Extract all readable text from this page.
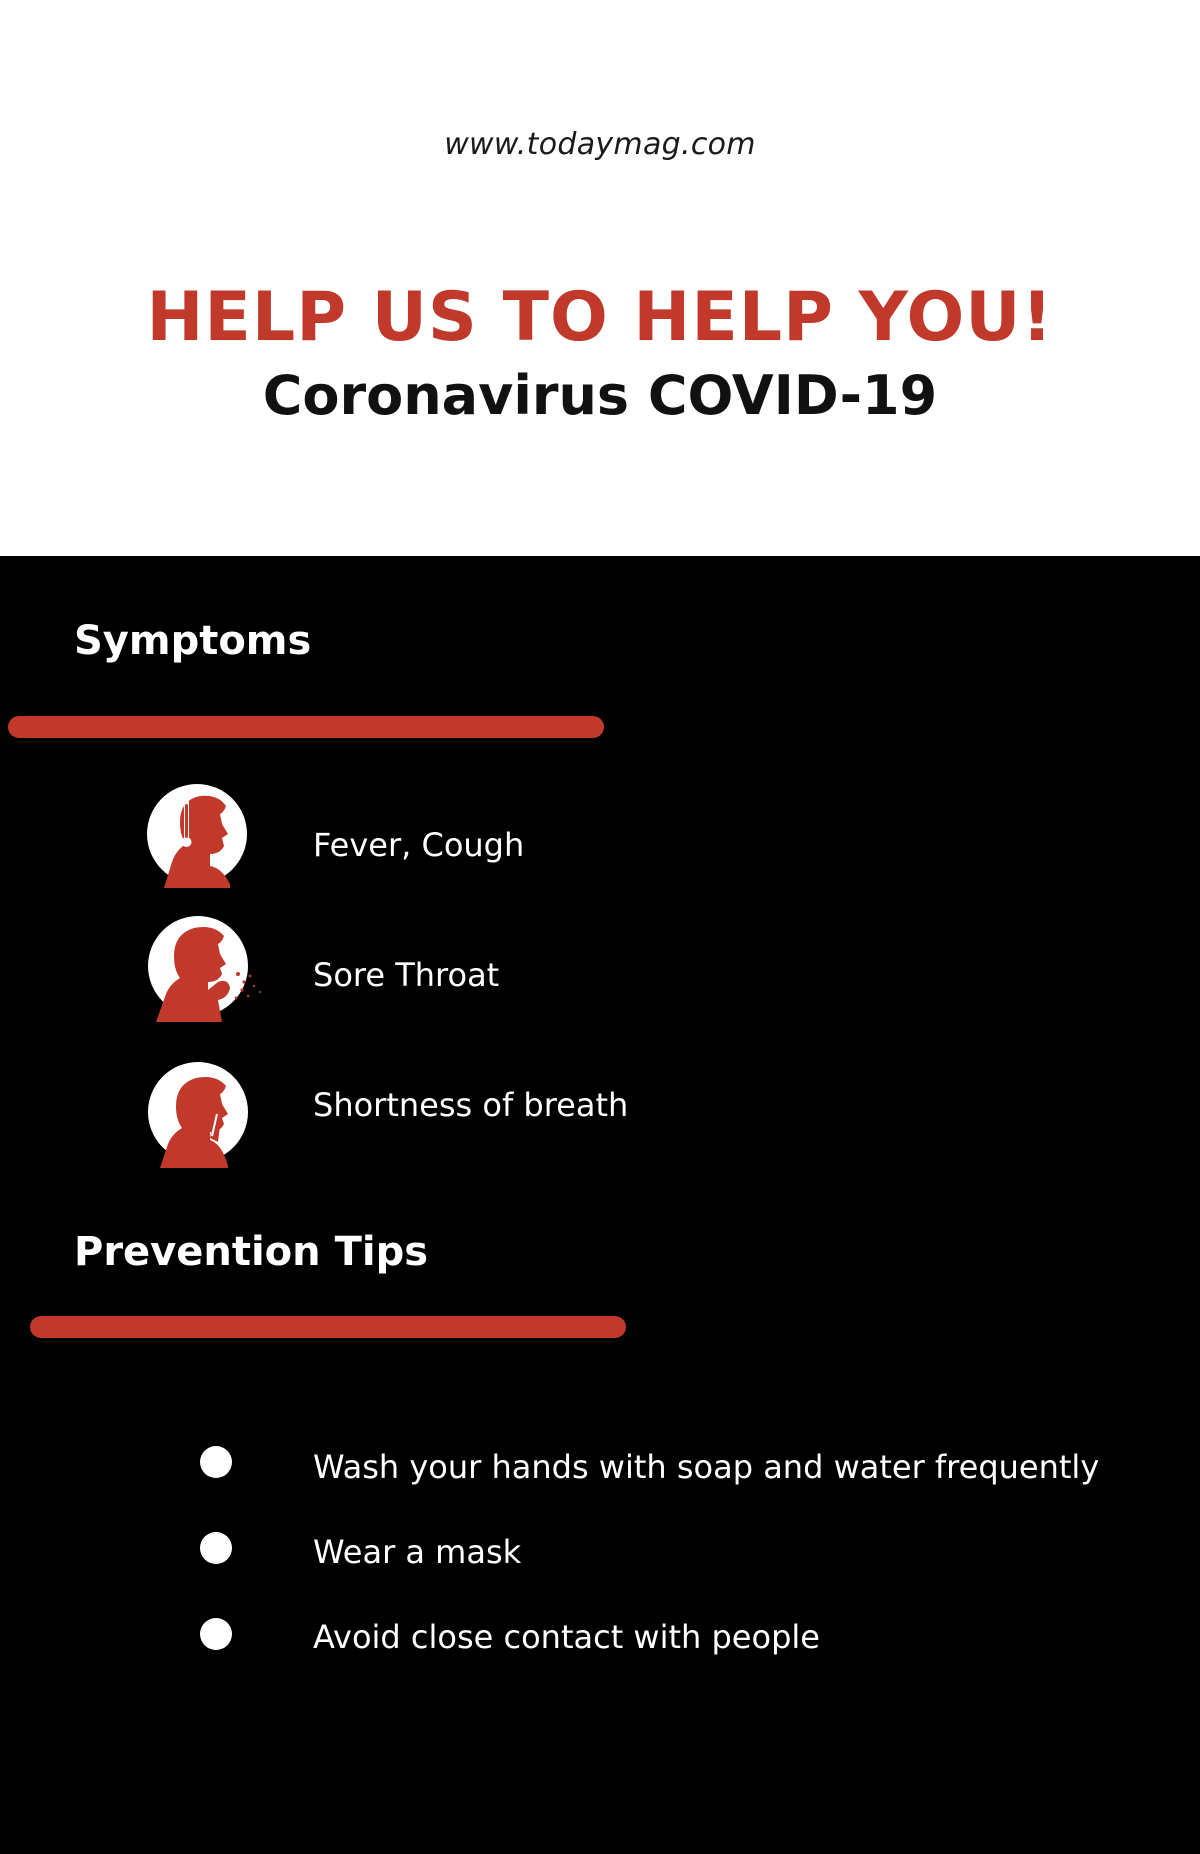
www.todaymag.com
HELP US TO HELP YOU!
Coronavirus COVID-19
Symptoms
Fever, Cough
Sore Throat
Shortness of breath
Prevention Tips
Wash your hands with soap and water frequently
Wear a mask
Avoid close contact with people
